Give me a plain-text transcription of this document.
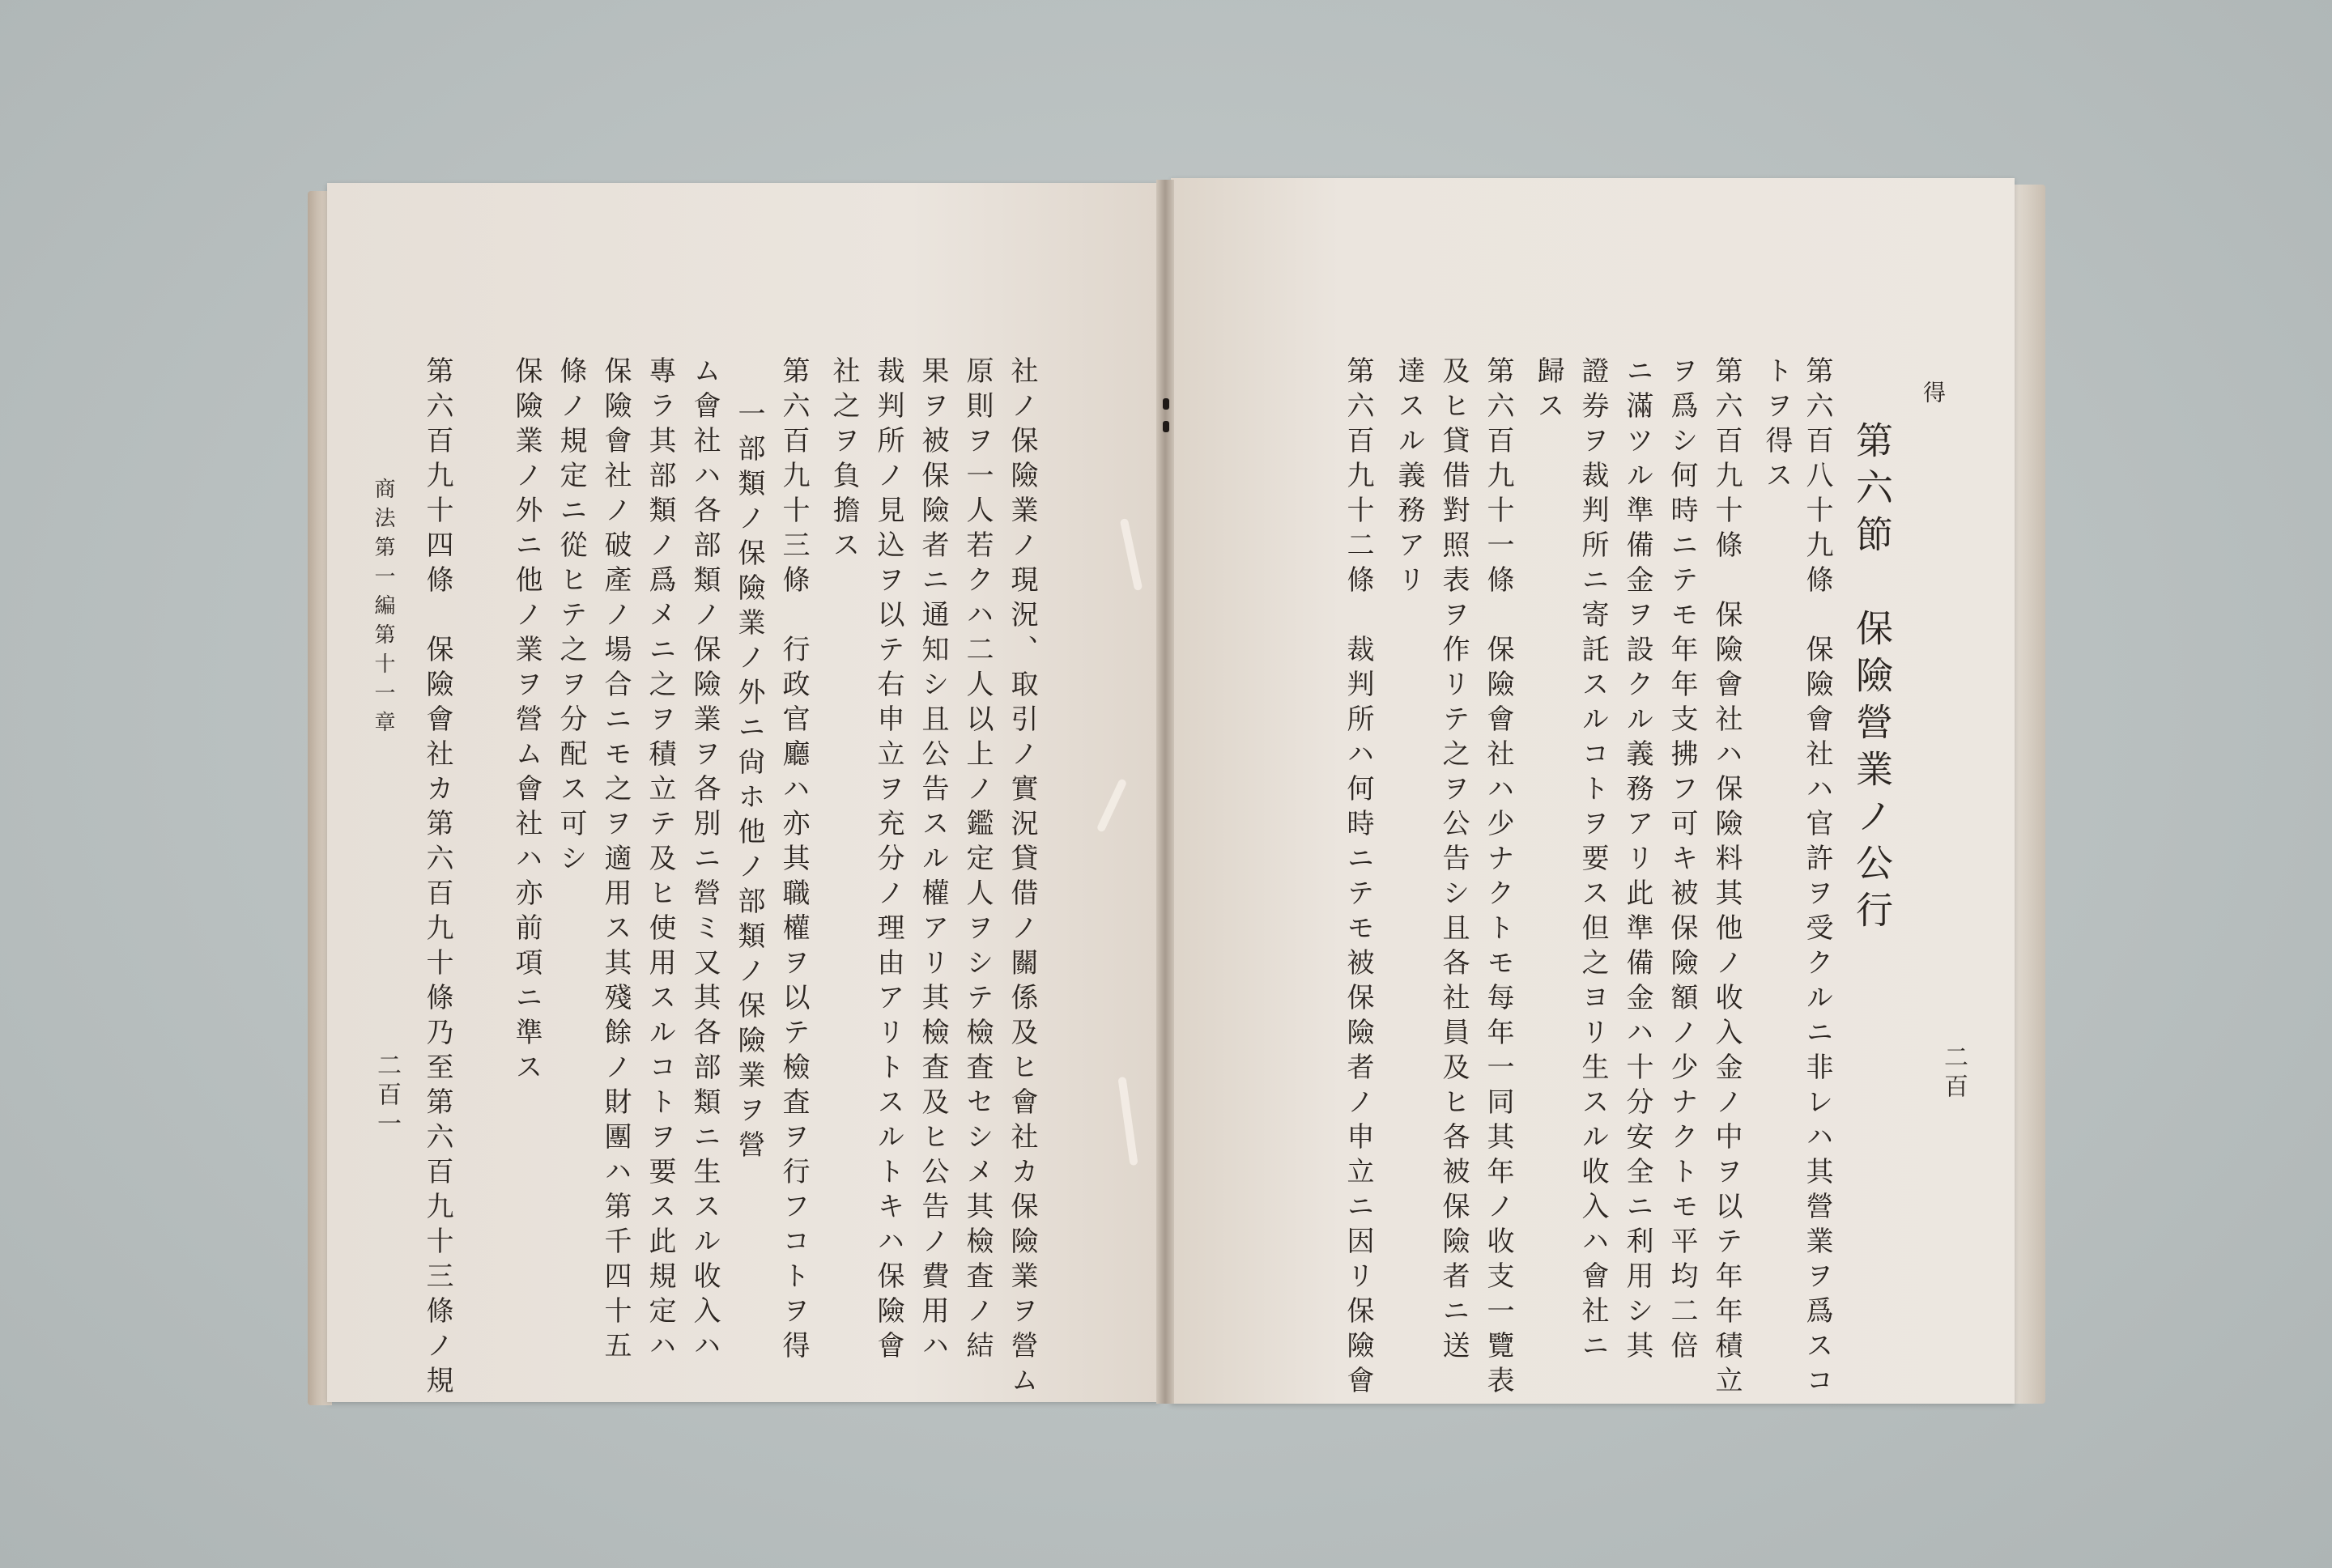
得
第六節　保險營業ノ公行
第六百八十九條　保險會社ハ官許ヲ受クルニ非レハ其營業ヲ爲スコ
トヲ得ス
第六百九十條　保險會社ハ保險料其他ノ收入金ノ中ヲ以テ年年積立
ヲ爲シ何時ニテモ年年支拂フ可キ被保險額ノ少ナクトモ平均二倍
ニ滿ツル準備金ヲ設クル義務アリ此準備金ハ十分安全ニ利用シ其
證券ヲ裁判所ニ寄託スルコトヲ要ス但之ヨリ生スル收入ハ會社ニ
歸ス
第六百九十一條　保險會社ハ少ナクトモ每年一同其年ノ收支一覽表
及ヒ貸借對照表ヲ作リテ之ヲ公告シ且各社員及ヒ各被保險者ニ送
達スル義務アリ
第六百九十二條　裁判所ハ何時ニテモ被保險者ノ申立ニ因リ保險會	二百
社ノ保險業ノ現況、取引ノ實況貸借ノ關係及ヒ會社カ保險業ヲ營ム
原則ヲ一人若クハ二人以上ノ鑑定人ヲシテ檢査セシメ其檢査ノ結
果ヲ被保險者ニ通知シ且公告スル權アリ其檢査及ヒ公告ノ費用ハ
裁判所ノ見込ヲ以テ右申立ヲ充分ノ理由アリトスルトキハ保險會
社之ヲ負擔ス
第六百九十三條　行政官廳ハ亦其職權ヲ以テ檢査ヲ行フコトヲ得
　一部類ノ保險業ノ外ニ尙ホ他ノ部類ノ保險業ヲ營
ム會社ハ各部類ノ保險業ヲ各別ニ營ミ又其各部類ニ生スル收入ハ
專ラ其部類ノ爲メニ之ヲ積立テ及ヒ使用スルコトヲ要ス此規定ハ
保險會社ノ破產ノ場合ニモ之ヲ適用ス其殘餘ノ財團ハ第千四十五
條ノ規定ニ從ヒテ之ヲ分配ス可シ
保險業ノ外ニ他ノ業ヲ營ム會社ハ亦前項ニ準ス
第六百九十四條　保險會社カ第六百九十條乃至第六百九十三條ノ規
商法第一編第十一章
二百一
